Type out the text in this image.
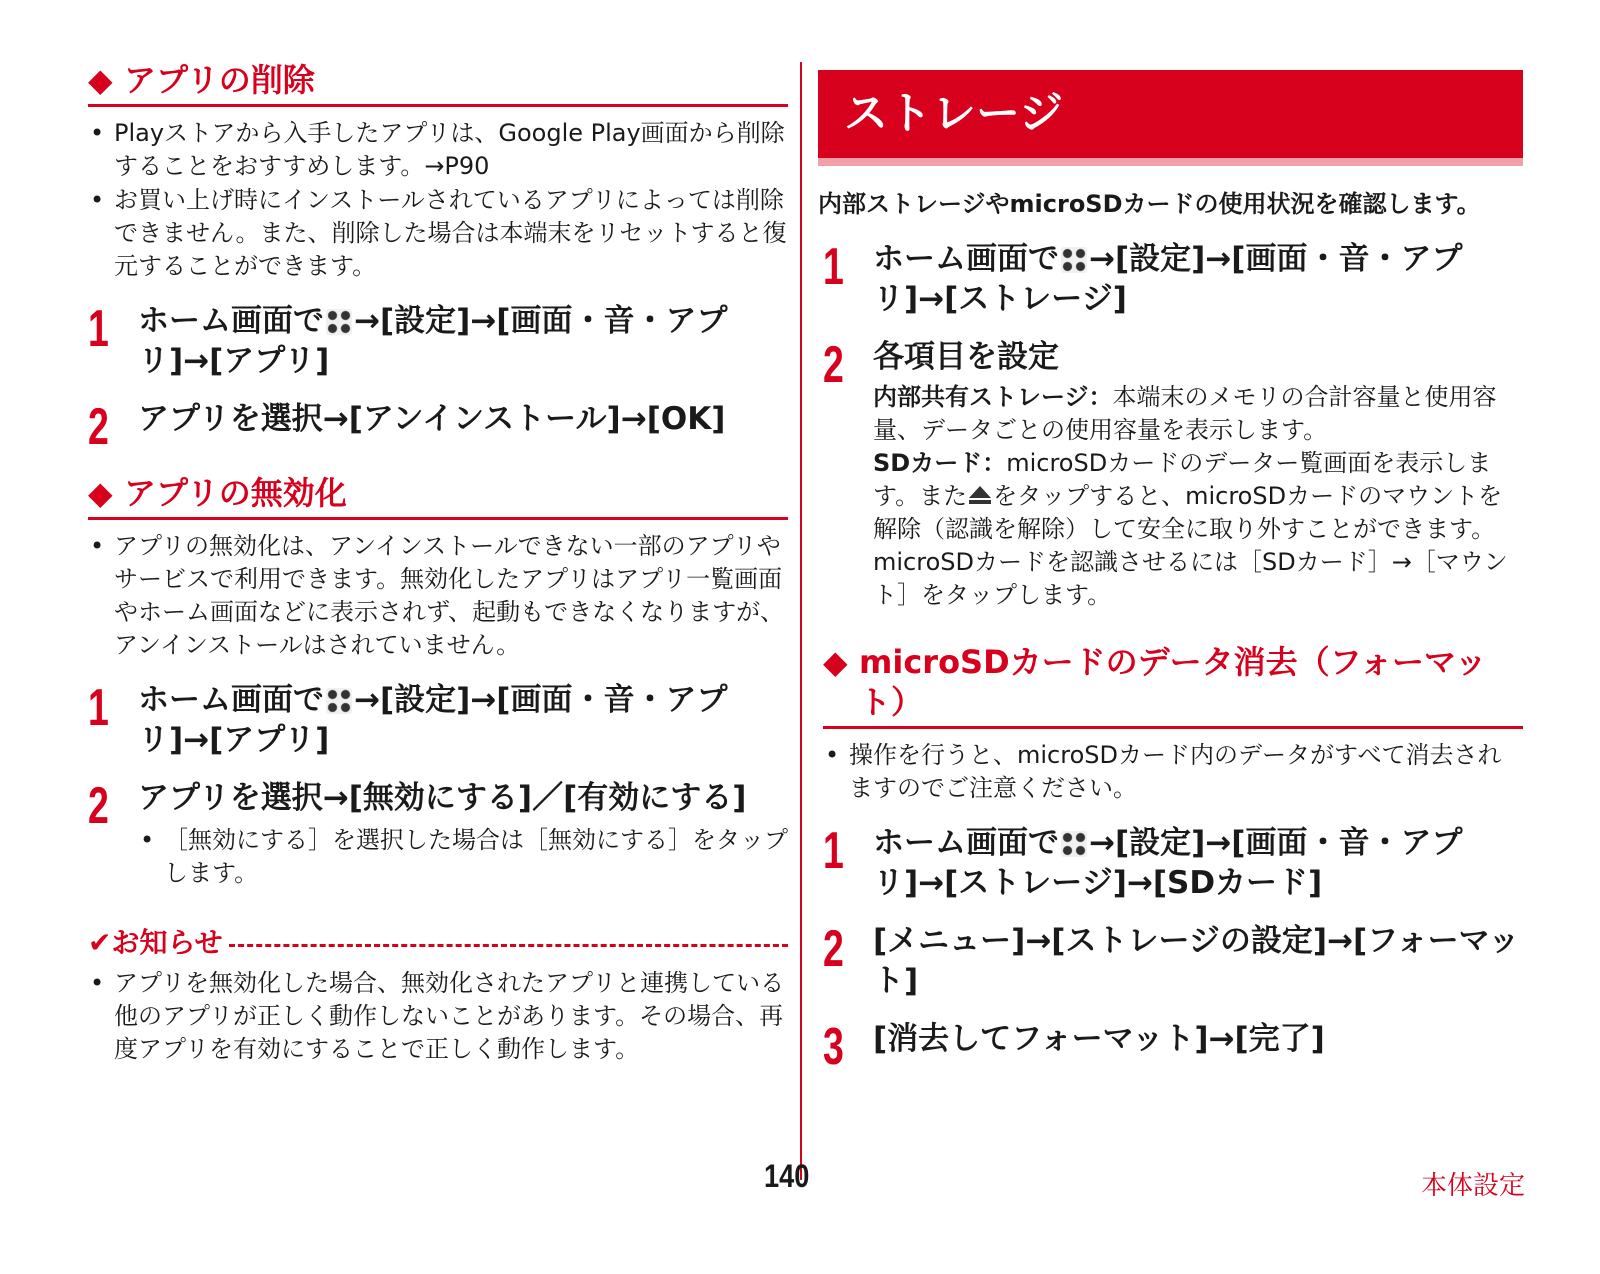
◆ アプリの削除
• Playストアから入手したアプリは、Google Play画面から削除することをおすすめします。→P90
• お買い上げ時にインストールされているアプリによっては削除できません。また、削除した場合は本端末をリセットすると復元することができます。
1 ホーム画面で →[設定]→[画面・音・アプリ]→[アプリ]
2 アプリを選択→[アンインストール]→[OK]
◆ アプリの無効化
• アプリの無効化は、アンインストールできない一部のアプリやサービスで利用できます。無効化したアプリはアプリ一覧画面やホーム画面などに表示されず、起動もできなくなりますが、アンインストールはされていません。
1 ホーム画面で →[設定]→[画面・音・アプリ]→[アプリ]
2 アプリを選択→[無効にする]／[有効にする]
• ［無効にする］を選択した場合は［無効にする］をタップします。
✔お知らせ
• アプリを無効化した場合、無効化されたアプリと連携している他のアプリが正しく動作しないことがあります。その場合、再度アプリを有効にすることで正しく動作します。
ストレージ
内部ストレージやmicroSDカードの使用状況を確認します。
1 ホーム画面で →[設定]→[画面・音・アプリ]→[ストレージ]
2 各項目を設定
内部共有ストレージ：本端末のメモリの合計容量と使用容量、データごとの使用容量を表示します。
SDカード：microSDカードのデーター覧画面を表示します。また をタップすると、microSDカードのマウントを解除（認識を解除）して安全に取り外すことができます。microSDカードを認識させるには［SDカード］→［マウント］をタップします。
◆ microSDカードのデータ消去（フォーマット）
• 操作を行うと、microSDカード内のデータがすべて消去されますのでご注意ください。
1 ホーム画面で →[設定]→[画面・音・アプリ]→[ストレージ]→[SDカード]
2 [メニュー]→[ストレージの設定]→[フォーマット]
3 [消去してフォーマット]→[完了]
140	本体設定
